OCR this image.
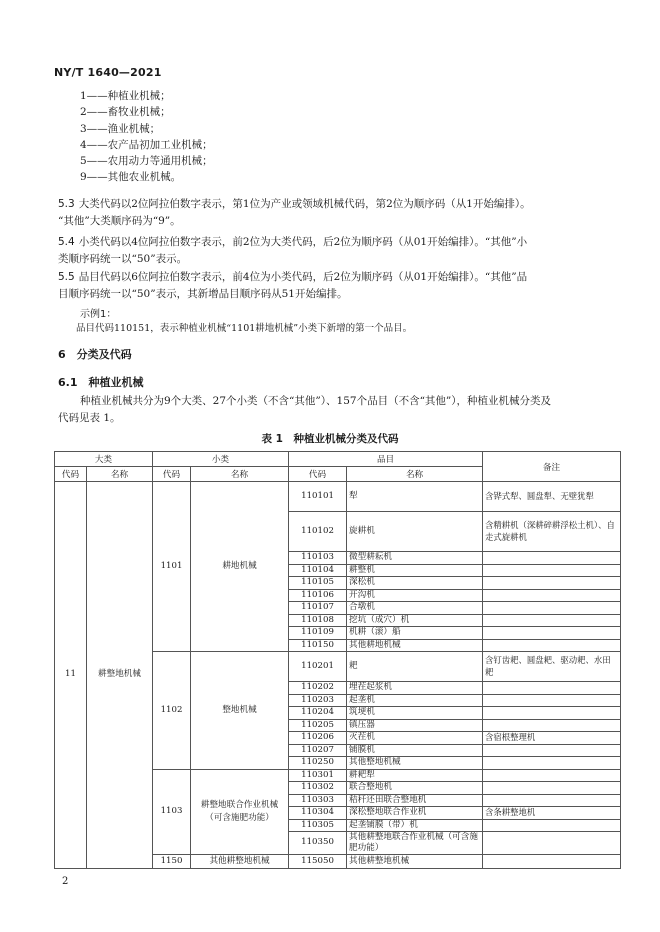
NY/T 1640—2021
1——种植业机械；
2——畜牧业机械；
3——渔业机械；
4——农产品初加工业机械；
5——农用动力等通用机械；
9——其他农业机械。
5.3 大类代码以2位阿拉伯数字表示，第1位为产业或领域机械代码，第2位为顺序码（从1开始编排）。
“其他”大类顺序码为“9”。
5.4 小类代码以4位阿拉伯数字表示，前2位为大类代码，后2位为顺序码（从01开始编排）。“其他”小
类顺序码统一以“50”表示。
5.5 品目代码以6位阿拉伯数字表示，前4位为小类代码，后2位为顺序码（从01开始编排）。“其他”品
目顺序码统一以“50”表示，其新增品目顺序码从51开始编排。
示例1：
品目代码110151，表示种植业机械“1101耕地机械”小类下新增的第一个品目。
6　分类及代码
6.1　种植业机械
种植业机械共分为9个大类、27个小类（不含“其他”）、157个品目（不含“其他”），种植业机械分类及
代码见表 1。
表 1　种植业机械分类及代码
大类		小类		品目		备注
代码	名称	代码	名称	代码	名称	
11	耕整地机械	1101	耕地机械	110101	犁	含铧式犁、圆盘犁、无壁犹犁
				110102	旋耕机	含精耕机（深耕碎耕浮松土机）、自走式旋耕机
				110103	微型耕耘机	
				110104	耕整机	
				110105	深松机	
				110106	开沟机	
				110107	合墩机	
				110108	挖坑（成穴）机	
				110109	机耕（滚）船	
				110150	其他耕地机械	
		1102	整地机械	110201	耙	含钉齿耙、圆盘耙、驱动耙、水田耙
				110202	埋茬起浆机	
				110203	起垄机	
				110204	筑埂机	
				110205	镇压器	
				110206	灭茬机	含宿根整理机
				110207	铺膜机	
				110250	其他整地机械	
		1103	耕整地联合作业机械（可含施肥功能）	110301	耕耙犁	
				110302	联合整地机	
				110303	秸秆还田联合整地机	
				110304	深松整地联合作业机	含条耕整地机
				110305	起垄铺膜（带）机	
				110350	其他耕整地联合作业机械（可含施肥功能）	
		1150	其他耕整地机械	115050	其他耕整地机械	
2
